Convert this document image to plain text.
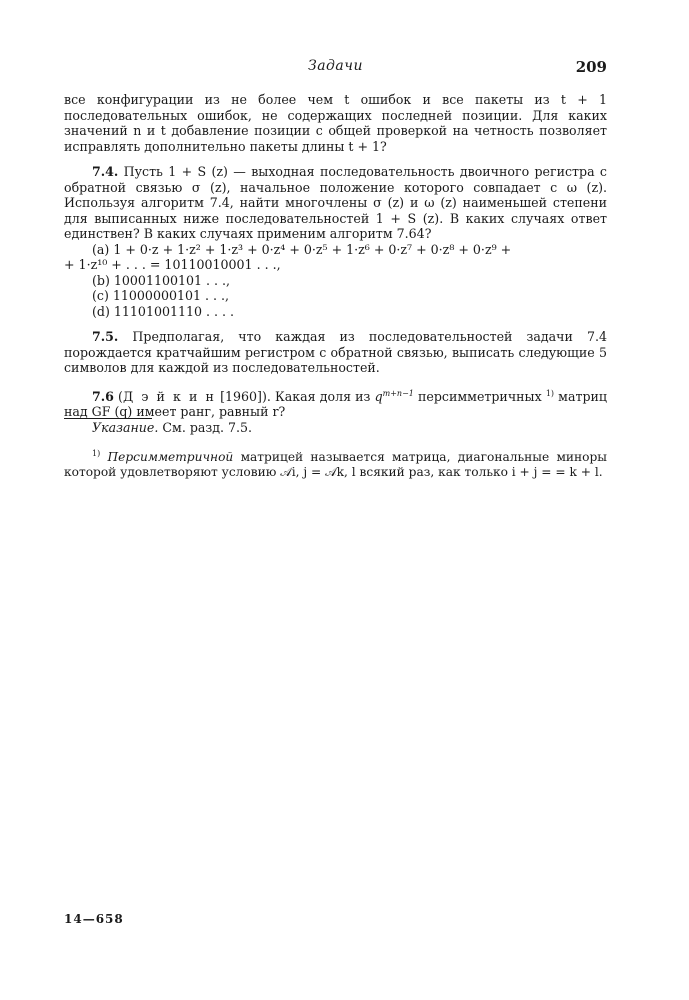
Задачи	209

все конфигурации из не более чем t ошибок и все пакеты из t + 1 последовательных ошибок, не содержащих последней позиции. Для каких значений n и t добавление позиции с общей проверкой на четность позволяет исправлять дополнительно пакеты длины t + 1?

7.4. Пусть 1 + S (z) — выходная последовательность двоичного регистра с обратной связью σ (z), начальное положение которого совпадает с ω (z). Используя алгоритм 7.4, найти многочлены σ (z) и ω (z) наименьшей степени для выписанных ниже последовательностей 1 + S (z). В каких случаях ответ единствен? В каких случаях применим алгоритм 7.64?

(a) 1 + 0·z + 1·z² + 1·z³ + 0·z⁴ + 0·z⁵ + 1·z⁶ + 0·z⁷ + 0·z⁸ + 0·z⁹ +

+ 1·z¹⁰ + . . . = 10110010001 . . .,

(b) 10001100101 . . .,

(c) 11000000101 . . .,

(d) 11101001110 . . . .

7.5. Предполагая, что каждая из последовательностей задачи 7.4 порождается кратчайшим регистром с обратной связью, выписать следующие 5 символов для каждой из последовательностей.

7.6 (Д э й к и н [1960]). Какая доля из $q^{m+n-1}$ персимметричных $^{1)}$ матриц над GF (q) имеет ранг, равный r?

Указание. См. разд. 7.5.

$^{1)}$ Персимметричной матрицей называется матрица, диагональные миноры которой удовлетворяют условию 𝒜i, j = 𝒜k, l всякий раз, как только i + j = = k + l.

14—658
